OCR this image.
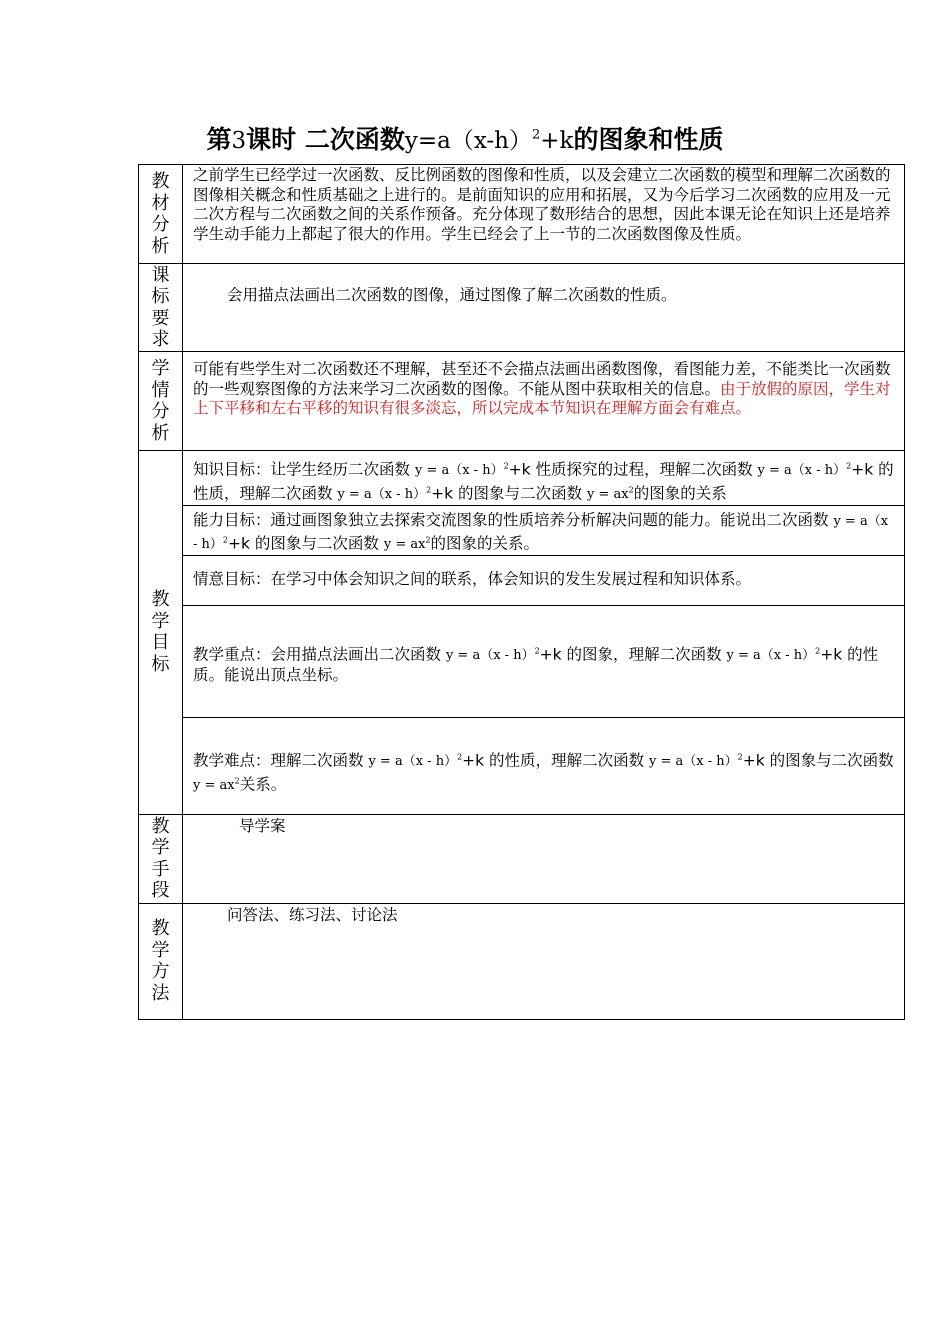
第3课时 二次函数$y=a(x-h)^2+k$的图象和性质
教材分析	之前学生已经学过一次函数、反比例函数的图像和性质，以及会建立二次函数的模型和理解二次函数的图像相关概念和性质基础之上进行的。是前面知识的应用和拓展，又为今后学习二次函数的应用及一元二次方程与二次函数之间的关系作预备。充分体现了数形结合的思想，因此本课无论在知识上还是培养学生动手能力上都起了很大的作用。学生已经会了上一节的二次函数图像及性质。

课标要求	会用描点法画出二次函数的图像，通过图像了解二次函数的性质。

学情分析	可能有些学生对二次函数还不理解，甚至还不会描点法画出函数图像，看图能力差，不能类比一次函数的一些观察图像的方法来学习二次函数的图像。不能从图中获取相关的信息。由于放假的原因，学生对上下平移和左右平移的知识有很多淡忘，所以完成本节知识在理解方面会有难点。

教学目标	知识目标：让学生经历二次函数 y = a（x - h）$^2$+k 性质探究的过程，理解二次函数 y = a（x - h）$^2$+k 的性质，理解二次函数 y = a（x - h）$^2$+k 的图象与二次函数 $y = ax^2$的图象的关系

	能力目标：通过画图象独立去探索交流图象的性质培养分析解决问题的能力。能说出二次函数 y = a（x - h）$^2$+k 的图象与二次函数 $y = ax^2$的图象的关系。

	情意目标：在学习中体会知识之间的联系，体会知识的发生发展过程和知识体系。

	教学重点：会用描点法画出二次函数 y = a（x - h）$^2$+k 的图象，理解二次函数 y = a（x - h）$^2$+k 的性质。能说出顶点坐标。

	教学难点：理解二次函数 y = a（x - h）$^2$+k 的性质，理解二次函数 y = a（x - h）$^2$+k 的图象与二次函数 $y = ax^2$关系。

教学手段	导学案

教学方法	问答法、练习法、讨论法
